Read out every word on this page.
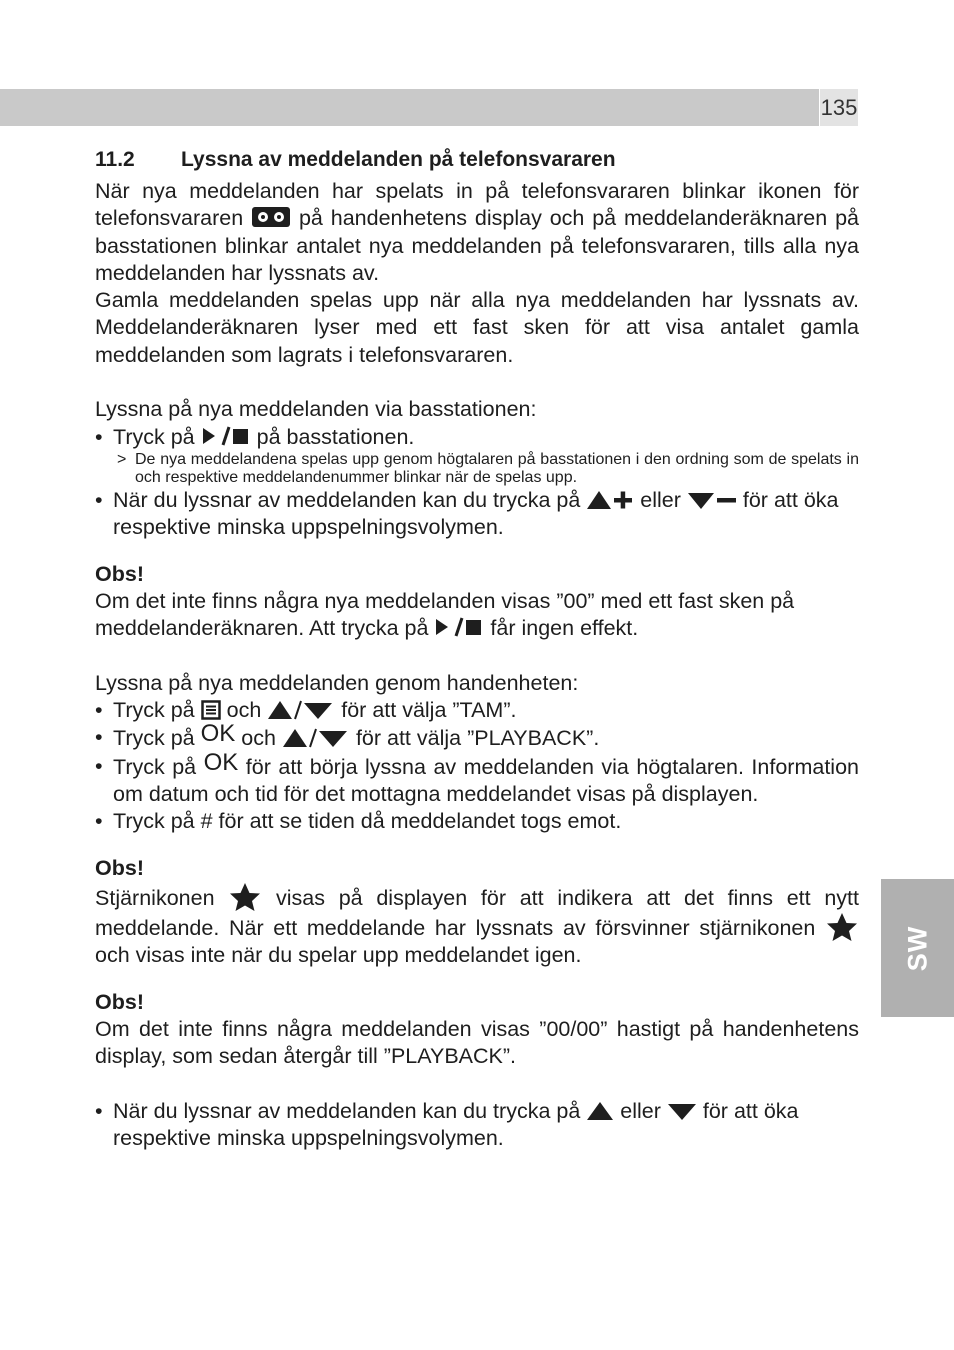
135
SW
11.2 Lyssna av meddelanden på telefonsvararen

När nya meddelanden har spelats in på telefonsvararen blinkar ikonen för telefonsvararen	på handenhetens display och på meddelanderäknaren på basstationen blinkar antalet nya meddelanden på telefonsvararen, tills alla nya meddelanden har lyssnats av.

Gamla meddelanden spelas upp när alla nya meddelanden har lyssnats av. Meddelanderäknaren lyser med ett fast sken för att visa antalet gamla meddelanden som lagrats i telefonsvararen.

Lyssna på nya meddelanden via basstationen:

• Tryck på	på basstationen.
> De nya meddelandena spelas upp genom högtalaren på basstationen i den ordning som de spelats in och respektive meddelandenummer blinkar när de spelas upp.
• När du lyssnar av meddelanden kan du trycka på	eller	för att öka respektive minska uppspelningsvolymen.

Obs!

Om det inte finns några nya meddelanden visas ”00” med ett fast sken på meddelanderäknaren. Att trycka på	får ingen effekt.

Lyssna på nya meddelanden genom handenheten:

• Tryck på och	för att välja ”TAM”.
• Tryck på OK och	för att välja ”PLAYBACK”.
• Tryck på OK för att börja lyssna av meddelanden via högtalaren. Information om datum och tid för det mottagna meddelandet visas på displayen.
• Tryck på # för att se tiden då meddelandet togs emot.

Obs!

Stjärnikonen	visas på displayen för att indikera att det finns ett nytt meddelande. När ett meddelande har lyssnats av försvinner stjärnikonen  och visas inte när du spelar upp meddelandet igen.

Obs!

Om det inte finns några meddelanden visas ”00/00” hastigt på handenhetens display, som sedan återgår till ”PLAYBACK”.

• När du lyssnar av meddelanden kan du trycka på eller för att öka respektive minska uppspelningsvolymen.
